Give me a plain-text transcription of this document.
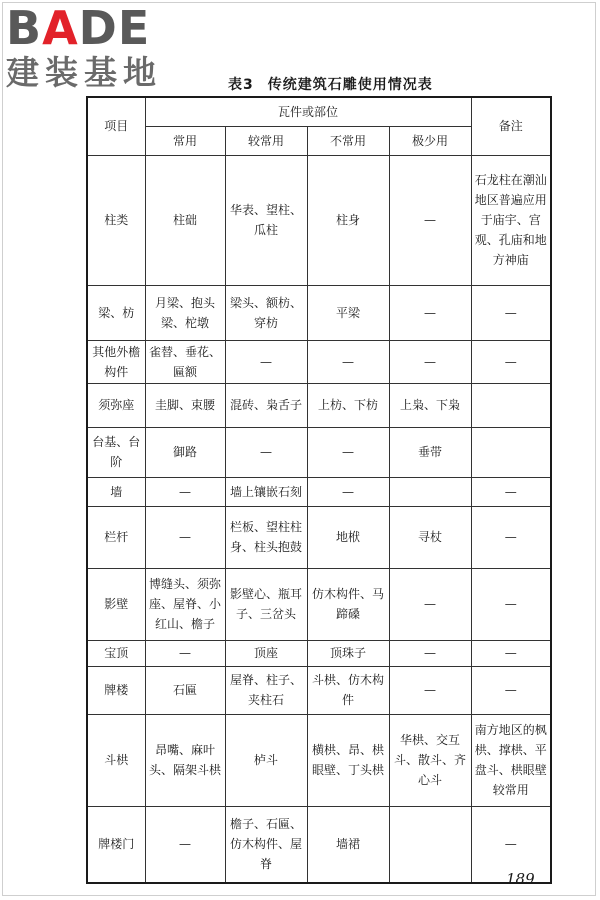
BADE
建装基地	表3 传统建筑石雕使用情况表
项目	瓦件或部位				备注
	常用	较常用	不常用	极少用	
柱类	柱础	华表、望柱、瓜柱	柱身	—	石龙柱在潮汕地区普遍应用于庙宇、宫观、孔庙和地方神庙
梁、枋	月梁、抱头梁、柁墩	梁头、额枋、穿枋	平梁	—	—
其他外檐构件	雀替、垂花、匾额	—	—	—	—
须弥座	圭脚、束腰	混砖、枭舌子	上枋、下枋	上枭、下枭	
台基、台阶	御路	—	—	垂带	
墙	—	墙上镶嵌石刻	—		—
栏杆	—	栏板、望柱柱身、柱头抱鼓	地栿	寻杖	—
影壁	博缝头、须弥座、屋脊、小红山、檐子	影壁心、瓶耳子、三岔头	仿木构件、马蹄磉	—	—
宝顶	—	顶座	顶珠子	—	—
牌楼	石匾	屋脊、柱子、夹柱石	斗栱、仿木构件	—	—
斗栱	昂嘴、麻叶头、隔架斗栱	栌斗	横栱、昂、栱眼壁、丁头栱	华栱、交互斗、散斗、齐心斗	南方地区的枫栱、撑栱、平盘斗、栱眼壁较常用
牌楼门	—	檐子、石匾、仿木构件、屋脊	墙裙		—
189
